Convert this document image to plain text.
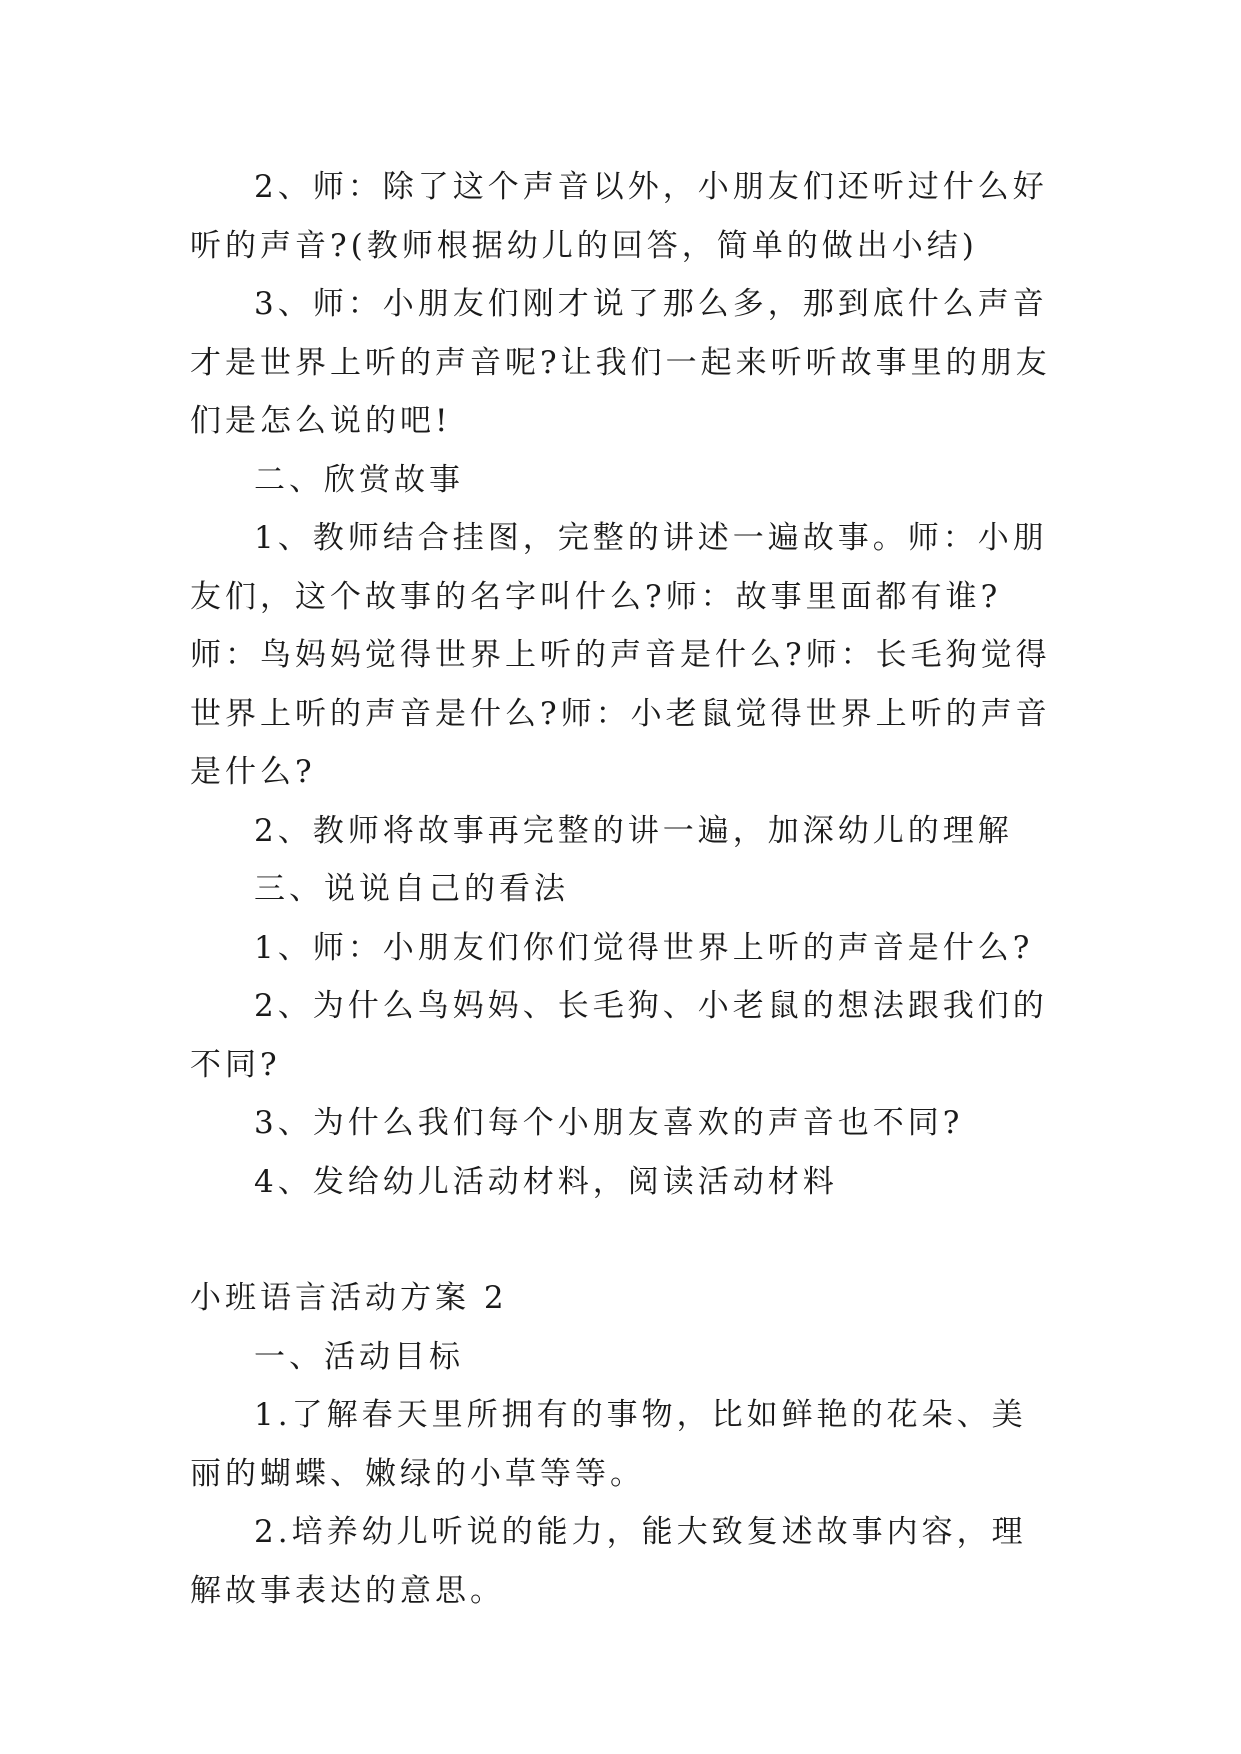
2、师：除了这个声音以外，小朋友们还听过什么好听的声音?(教师根据幼儿的回答，简单的做出小结)

3、师：小朋友们刚才说了那么多，那到底什么声音才是世界上听的声音呢?让我们一起来听听故事里的朋友们是怎么说的吧!

二、欣赏故事

1、教师结合挂图，完整的讲述一遍故事。师：小朋友们，这个故事的名字叫什么?师：故事里面都有谁?师：鸟妈妈觉得世界上听的声音是什么?师：长毛狗觉得世界上听的声音是什么?师：小老鼠觉得世界上听的声音是什么?

2、教师将故事再完整的讲一遍，加深幼儿的理解

三、说说自己的看法

1、师：小朋友们你们觉得世界上听的声音是什么?

2、为什么鸟妈妈、长毛狗、小老鼠的想法跟我们的不同?

3、为什么我们每个小朋友喜欢的声音也不同?

4、发给幼儿活动材料，阅读活动材料

小班语言活动方案 2

一、活动目标

1.了解春天里所拥有的事物，比如鲜艳的花朵、美丽的蝴蝶、嫩绿的小草等等。

2.培养幼儿听说的能力，能大致复述故事内容，理解故事表达的意思。
